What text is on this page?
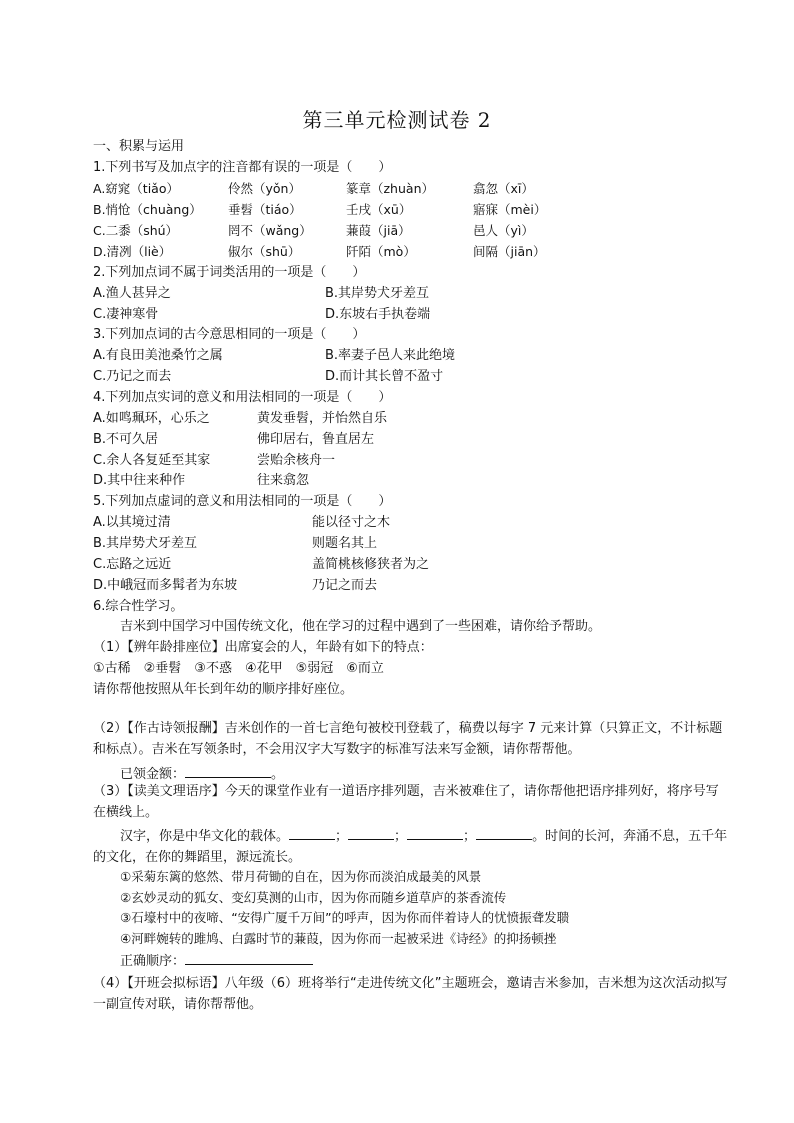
第三单元检测试卷 2
一、积累与运用
1.下列书写及加点字的注音都有误的一项是（　　）
A.窈窕（tiǎo）	伶然（yǒn）	篆章（zhuàn）	翕忽（xī）
B.悄怆（chuàng） 垂髫（tiáo）	壬戌（xū）	寤寐（mèi）
C.二黍（shú）	罔不（wǎng）	蒹葭（jiā）	邑人（yì）
D.清冽（liè）	俶尔（shū）	阡陌（mò）	间隔（jiān）
2.下列加点词不属于词类活用的一项是（　　）
A.渔人甚异之	B.其岸势犬牙差互
C.凄神寒骨	D.东坡右手执卷端
3.下列加点词的古今意思相同的一项是（　　）
A.有良田美池桑竹之属	B.率妻子邑人来此绝境
C.乃记之而去	D.而计其长曾不盈寸
4.下列加点实词的意义和用法相同的一项是（　　）
A.如鸣珮环，心乐之	黄发垂髫，并怡然自乐
B.不可久居	佛印居右，鲁直居左
C.余人各复延至其家	尝贻余核舟一
D.其中往来种作	往来翕忽
5.下列加点虚词的意义和用法相同的一项是（　　）
A.以其境过清	能以径寸之木
B.其岸势犬牙差互	则题名其上
C.忘路之远近	盖简桃核修狭者为之
D.中峨冠而多髯者为东坡	乃记之而去
6.综合性学习。
吉米到中国学习中国传统文化，他在学习的过程中遇到了一些困难，请你给予帮助。
（1）【辨年龄排座位】出席宴会的人，年龄有如下的特点：
①古稀　②垂髫　③不惑　④花甲　⑤弱冠　⑥而立
请你帮他按照从年长到年幼的顺序排好座位。
（2）【作古诗领报酬】吉米创作的一首七言绝句被校刊登载了，稿费以每字 7 元来计算（只算正文，不计标题和标点）。吉米在写领条时，不会用汉字大写数字的标准写法来写金额，请你帮帮他。
已领金额：	。
（3）【读美文理语序】今天的课堂作业有一道语序排列题，吉米被难住了，请你帮他把语序排列好，将序号写在横线上。
汉字，你是中华文化的载体。	；	；	；	。时间的长河，奔涌不息，五千年的文化，在你的舞蹈里，源远流长。
①采菊东篱的悠然、带月荷锄的自在，因为你而淡泊成最美的风景
②玄妙灵动的狐女、变幻莫测的山市，因为你而随乡道草庐的茶香流传
③石壕村中的夜啼、“安得广厦千万间”的呼声，因为你而伴着诗人的忧愤振聋发聩
④河畔婉转的雎鸠、白露时节的蒹葭，因为你而一起被采进《诗经》的抑扬顿挫
正确顺序：
（4）【开班会拟标语】八年级（6）班将举行“走进传统文化”主题班会，邀请吉米参加，吉米想为这次活动拟写一副宣传对联，请你帮帮他。
